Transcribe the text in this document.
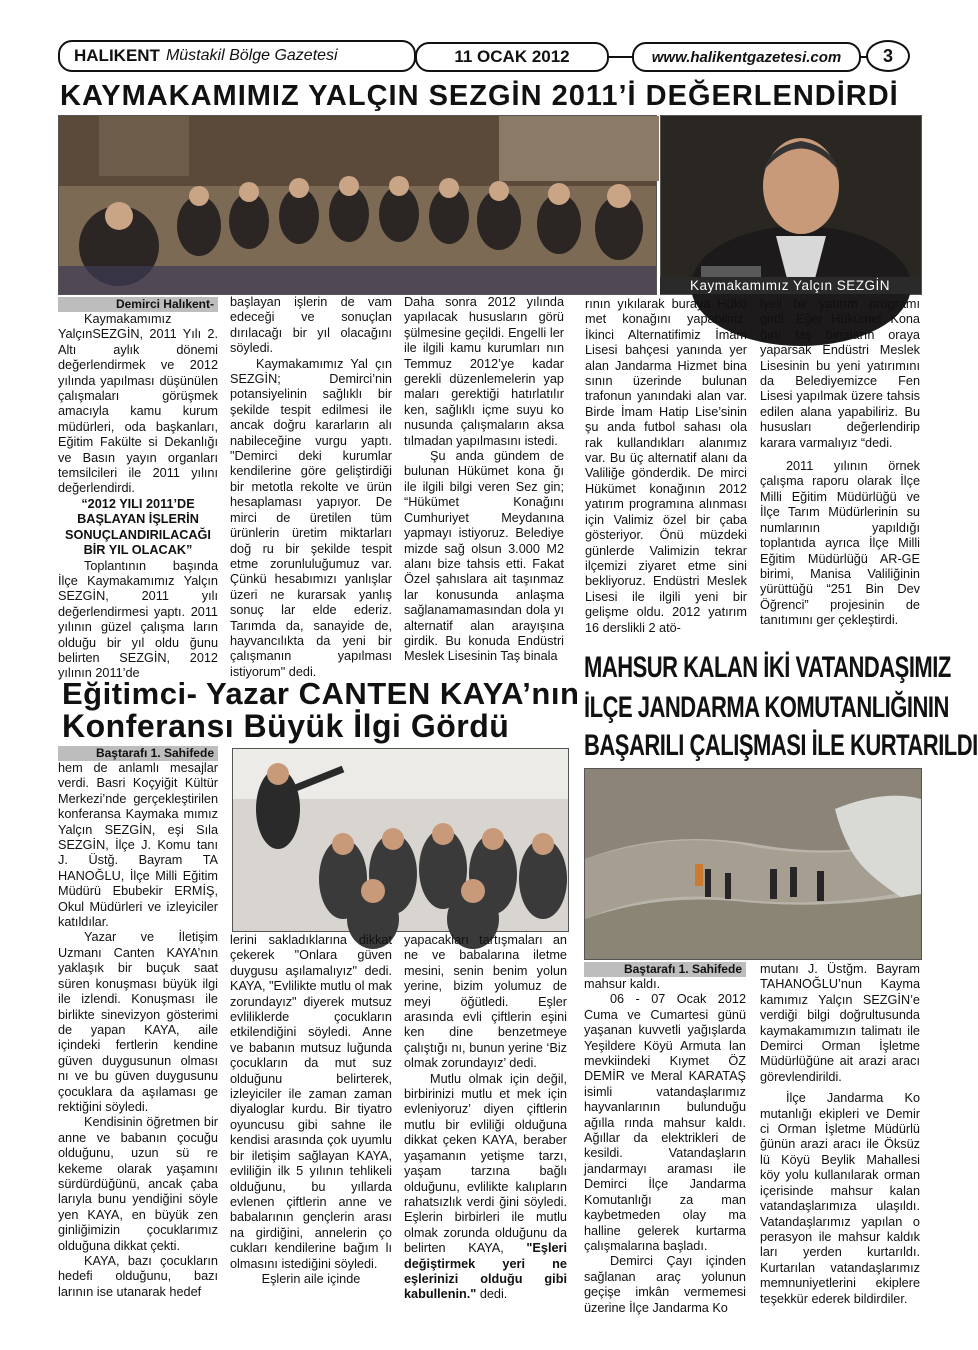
HALIKENT Müstakil Bölge Gazetesi	11 OCAK 2012	www.halikentgazetesi.com 3
KAYMAKAMIMIZ YALÇIN SEZGİN 2011’İ DEĞERLENDİRDİ
Kaymakamımız Yalçın SEZGİN
Demirci Halıkent-

Kaymakamımız YalçınSEZGİN, 2011 Yılı 2. Altı aylık dönemi değerlendirmek ve 2012 yılında yapılması düşünülen çalışmaları görüşmek amacıyla kamu kurum müdürleri, oda başkanları, Eğitim Fakülte si Dekanlığı ve Basın yayın organları temsilcileri ile 2011 yılını değerlendirdi.

“2012 YILI 2011’DE BAŞLAYAN İŞLERİN SONUÇLANDIRILACAĞI BİR YIL OLACAK”

Toplantının başında İlçe Kaymakamımız Yalçın SEZGİN, 2011 yılı değerlendirmesi yaptı. 2011 yılının güzel çalışma ların olduğu bir yıl oldu ğunu belirten SEZGİN, 2012 yılının 2011’de

başlayan işlerin de vam edeceği ve sonuçlan dırılacağı bir yıl olacağını söyledi.

Kaymakamımız Yal çın SEZGİN; Demirci’nin potansiyelinin sağlıklı bir şekilde tespit edilmesi ile ancak doğru kararların alı nabileceğine vurgu yaptı. "Demirci deki kurumlar kendilerine göre geliştirdiği bir metotla rekolte ve ürün hesaplaması yapıyor. De mirci de üretilen tüm ürünlerin üretim miktarları doğ ru bir şekilde tespit etme zorunluluğumuz var. Çünkü hesabımızı yanlışlar üzeri ne kurarsak yanlış sonuç lar elde ederiz. Tarımda da, sanayide de, hayvancılıkta da yeni bir çalışmanın yapılması istiyorum" dedi.

Daha sonra 2012 yılında yapılacak hususların görü şülmesine geçildi. Engelli ler ile ilgili kamu kurumları nın Temmuz 2012’ye kadar gerekli düzenlemelerin yap maları gerektiği hatırlatılır ken, sağlıklı içme suyu ko nusunda çalışmaların aksa tılmadan yapılmasını istedi.

Şu anda gündem de bulunan Hükümet kona ğı ile ilgili bilgi veren Sez gin; “Hükümet Konağını Cumhuriyet Meydanına yapmayı istiyoruz. Belediye mizde sağ olsun 3.000 M2 alanı bize tahsis etti. Fakat Özel şahıslara ait taşınmaz lar konusunda anlaşma sağlanamamasından dola yı alternatif alan arayışına girdik. Bu konuda Endüstri Meslek Lisesinin Taş binala

rının yıkılarak buraya Hükü met konağını yapabiliriz. İkinci Alternatifimiz İmam Lisesi bahçesi yanında yer alan Jandarma Hizmet bina sının üzerinde bulunan trafonun yanındaki alan var. Birde İmam Hatip Lise’sinin şu anda futbol sahası ola rak kullandıkları alanımız var. Bu üç alternatif alanı da Valiliğe gönderdik. De mirci Hükümet konağının 2012 yatırım programına alınması için Valimiz özel bir çaba gösteriyor. Önü müzdeki günlerde Valimizin tekrar ilçemizi ziyaret etme sini bekliyoruz. Endüstri Meslek Lisesi ile ilgili yeni bir gelişme oldu. 2012 yatırım 16 derslikli 2 atö-

lyeli bir yatırım programı girdi. Eğer Hükümet Kona ğını taş binaların oraya yaparsak Endüstri Meslek Lisesinin bu yeni yatırımını da Belediyemizce Fen Lisesi yapılmak üzere tahsis edilen alana yapabiliriz. Bu hususları değerlendirip karara varmalıyız “dedi.

2011 yılının örnek çalışma raporu olarak İlçe Milli Eğitim Müdürlüğü ve İlçe Tarım Müdürlerinin su numlarının yapıldığı toplantıda ayrıca İlçe Milli Eğitim Müdürlüğü AR-GE birimi, Manisa Valiliğinin yürüttüğü “251 Bin Dev Öğrenci” projesinin de tanıtımını ger çekleştirdi.

Eğitimci- Yazar CANTEN KAYA’nın
Konferansı Büyük İlgi Gördü
Baştarafı 1. Sahifede

hem de anlamlı mesajlar verdi. Basri Koçyiğit Kültür Merkezi’nde gerçekleştirilen konferansa Kaymaka mımız Yalçın SEZGİN, eşi Sıla SEZGİN, İlçe J. Komu tanı J. Üstğ. Bayram TA HANOĞLU, İlçe Milli Eğitim Müdürü Ebubekir ERMİŞ, Okul Müdürleri ve izleyiciler katıldılar.

Yazar ve İletişim Uzmanı Canten KAYA’nın yaklaşık bir buçuk saat süren konuşması büyük ilgi ile izlendi. Konuşması ile birlikte sinevizyon gösterimi de yapan KAYA, aile içindeki fertlerin kendine güven duygusunun olması nı ve bu güven duygusunu çocuklara da aşılaması ge rektiğini söyledi.

Kendisinin öğretmen bir anne ve babanın çocuğu olduğunu, uzun sü re kekeme olarak yaşamını sürdürdüğünü, ancak çaba larıyla bunu yendiğini söyle yen KAYA, en büyük zen ginliğimizin çocuklarımız olduğuna dikkat çekti.

KAYA, bazı çocukların hedefi olduğunu, bazı larının ise utanarak hedef

lerini sakladıklarına dikkat çekerek "Onlara güven duygusu aşılamalıyız" dedi. KAYA, "Evlilikte mutlu ol mak zorundayız" diyerek mutsuz evliliklerde çocukların etkilendiğini söyledi. Anne ve babanın mutsuz luğunda çocukların da mut suz olduğunu belirterek, izleyiciler ile zaman zaman diyaloglar kurdu. Bir tiyatro oyuncusu gibi sahne ile kendisi arasında çok uyumlu bir iletişim sağlayan KAYA, evliliğin ilk 5 yılının tehlikeli olduğunu, bu yıllarda evlenen çiftlerin anne ve babalarının gençlerin arası na girdiğini, annelerin ço cukları kendilerine bağım lı olmasını istediğini söyledi.

Eşlerin aile içinde

yapacakları tartışmaları an ne ve babalarına iletme mesini, senin benim yolun yerine, bizim yolumuz de meyi öğütledi. Eşler arasında evli çiftlerin eşini ken dine benzetmeye çalıştığı nı, bunun yerine ‘Biz olmak zorundayız’ dedi.

Mutlu olmak için değil, birbirinizi mutlu et mek için evleniyoruz’ diyen çiftlerin mutlu bir evliliği olduğuna dikkat çeken KAYA, beraber yaşamanın yetişme tarzı, yaşam tarzına bağlı olduğunu, evlilikte kalıpların rahatsızlık verdi ğini söyledi. Eşlerin birbirleri ile mutlu olmak zorunda olduğunu da belirten KAYA, "Eşleri değiştirmek yeri ne eşlerinizi olduğu gibi kabullenin." dedi.

MAHSUR KALAN İKİ VATANDAŞIMIZ
İLÇE JANDARMA KOMUTANLIĞININ
BAŞARILI ÇALIŞMASI İLE KURTARILDI
Baştarafı 1. Sahifede

mahsur kaldı.

06 - 07 Ocak 2012 Cuma ve Cumartesi günü yaşanan kuvvetli yağışlarda Yeşildere Köyü Armuta lan mevkiindeki Kıymet ÖZ DEMİR ve Meral KARATAŞ isimli vatandaşlarımız hayvanlarının bulunduğu ağılla rında mahsur kaldı. Ağıllar da elektrikleri de kesildi. Vatandaşların jandarmayı araması ile Demirci İlçe Jandarma Komutanlığı za man kaybetmeden olay ma halline gelerek kurtarma çalışmalarına başladı.

Demirci Çayı içinden sağlanan araç yolunun geçişe imkân vermemesi üzerine İlçe Jandarma Ko

mutanı J. Üstğm. Bayram TAHANOĞLU’nun Kayma kamımız Yalçın SEZGİN’e verdiği bilgi doğrultusunda kaymakamımızın talimatı ile Demirci Orman İşletme Müdürlüğüne ait arazi aracı görevlendirildi.

İlçe Jandarma Ko mutanlığı ekipleri ve Demir ci Orman İşletme Müdürlü ğünün arazi aracı ile Öksüz lü Köyü Beylik Mahallesi köy yolu kullanılarak orman içerisinde mahsur kalan vatandaşlarımıza ulaşıldı. Vatandaşlarımız yapılan o perasyon ile mahsur kaldık ları yerden kurtarıldı. Kurtarılan vatandaşlarımız memnuniyetlerini ekiplere teşekkür ederek bildirdiler.
